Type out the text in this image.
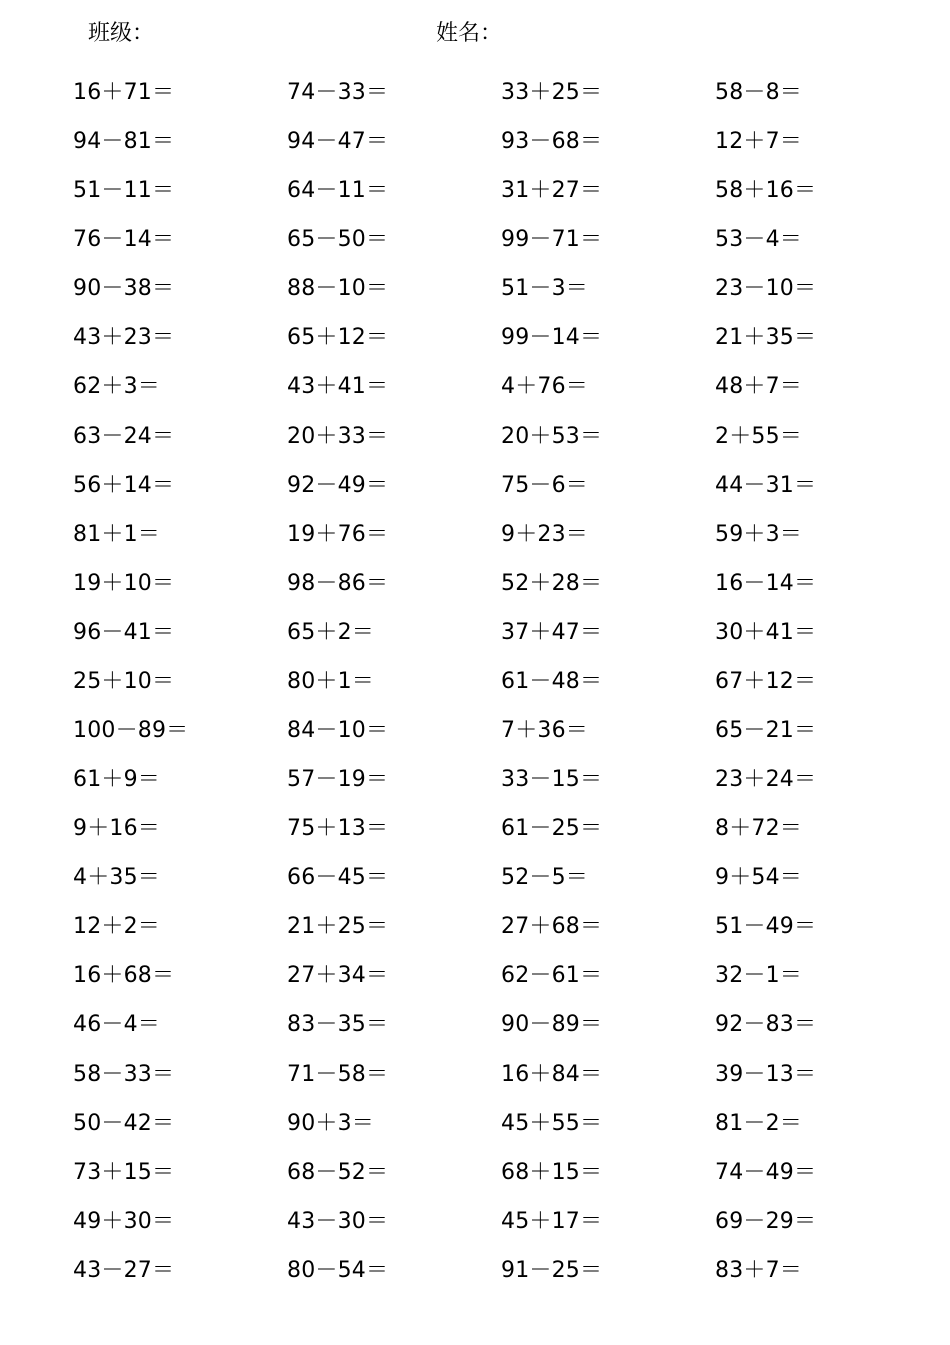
班级：	姓名：
16＋71＝	74－33＝	33＋25＝	58－8＝
94－81＝	94－47＝	93－68＝	12＋7＝
51－11＝	64－11＝	31＋27＝	58＋16＝
76－14＝	65－50＝	99－71＝	53－4＝
90－38＝	88－10＝	51－3＝	23－10＝
43＋23＝	65＋12＝	99－14＝	21＋35＝
62＋3＝	43＋41＝	4＋76＝	48＋7＝
63－24＝	20＋33＝	20＋53＝	2＋55＝
56＋14＝	92－49＝	75－6＝	44－31＝
81＋1＝	19＋76＝	9＋23＝	59＋3＝
19＋10＝	98－86＝	52＋28＝	16－14＝
96－41＝	65＋2＝	37＋47＝	30＋41＝
25＋10＝	80＋1＝	61－48＝	67＋12＝
100－89＝	84－10＝	7＋36＝	65－21＝
61＋9＝	57－19＝	33－15＝	23＋24＝
9＋16＝	75＋13＝	61－25＝	8＋72＝
4＋35＝	66－45＝	52－5＝	9＋54＝
12＋2＝	21＋25＝	27＋68＝	51－49＝
16＋68＝	27＋34＝	62－61＝	32－1＝
46－4＝	83－35＝	90－89＝	92－83＝
58－33＝	71－58＝	16＋84＝	39－13＝
50－42＝	90＋3＝	45＋55＝	81－2＝
73＋15＝	68－52＝	68＋15＝	74－49＝
49＋30＝	43－30＝	45＋17＝	69－29＝
43－27＝	80－54＝	91－25＝	83＋7＝
